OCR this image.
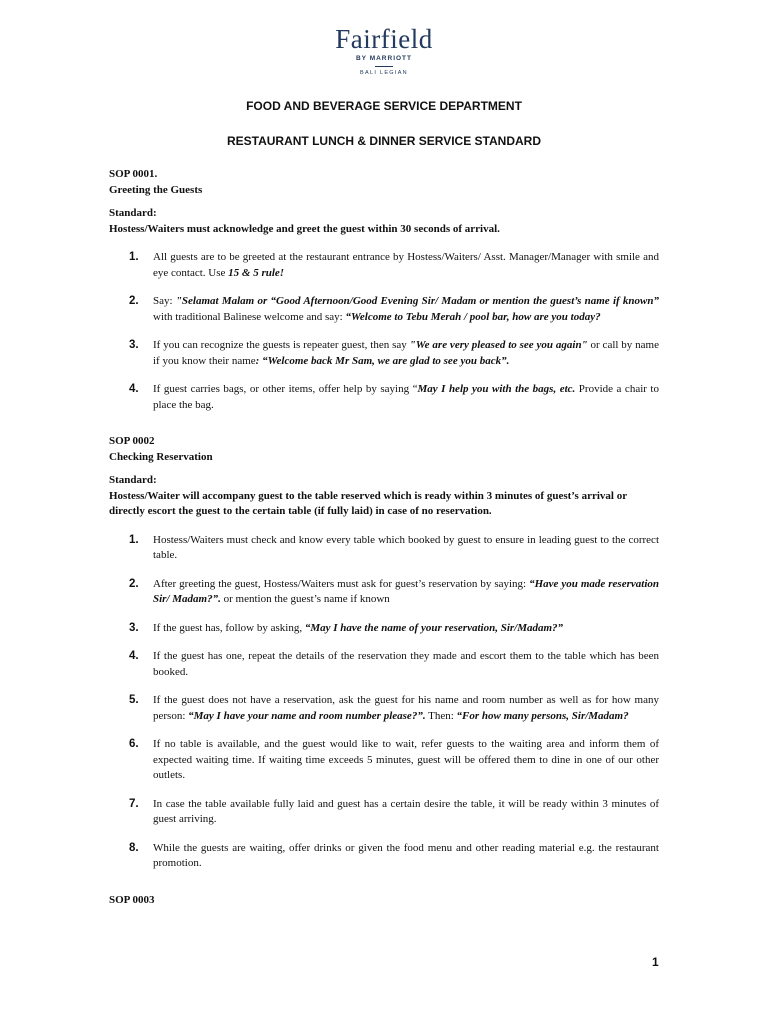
Fairfield
BY MARRIOTT
BALI LEGIAN
FOOD AND BEVERAGE SERVICE DEPARTMENT
RESTAURANT LUNCH & DINNER SERVICE STANDARD
SOP 0001.
Greeting the Guests
Standard:
Hostess/Waiters must acknowledge and greet the guest within 30 seconds of arrival.
1. All guests are to be greeted at the restaurant entrance by Hostess/Waiters/ Asst. Manager/Manager with smile and eye contact. Use 15 & 5 rule!
2. Say: "Selamat Malam or “Good Afternoon/Good Evening Sir/ Madam or mention the guest’s name if known” with traditional Balinese welcome and say: “Welcome to Tebu Merah / pool bar, how are you today?
3. If you can recognize the guests is repeater guest, then say "We are very pleased to see you again" or call by name if you know their name: “Welcome back Mr Sam, we are glad to see you back”.
4. If guest carries bags, or other items, offer help by saying “May I help you with the bags, etc. Provide a chair to place the bag.
SOP 0002
Checking Reservation
Standard:
Hostess/Waiter will accompany guest to the table reserved which is ready within 3 minutes of guest’s arrival or directly escort the guest to the certain table (if fully laid) in case of no reservation.
1. Hostess/Waiters must check and know every table which booked by guest to ensure in leading guest to the correct table.
2. After greeting the guest, Hostess/Waiters must ask for guest’s reservation by saying: “Have you made reservation Sir/ Madam?”. or mention the guest’s name if known
3. If the guest has, follow by asking, “May I have the name of your reservation, Sir/Madam?”
4. If the guest has one, repeat the details of the reservation they made and escort them to the table which has been booked.
5. If the guest does not have a reservation, ask the guest for his name and room number as well as for how many person: “May I have your name and room number please?”. Then: “For how many persons, Sir/Madam?
6. If no table is available, and the guest would like to wait, refer guests to the waiting area and inform them of expected waiting time. If waiting time exceeds 5 minutes, guest will be offered them to dine in one of our other outlets.
7. In case the table available fully laid and guest has a certain desire the table, it will be ready within 3 minutes of guest arriving.
8. While the guests are waiting, offer drinks or given the food menu and other reading material e.g. the restaurant promotion.
SOP 0003
1
